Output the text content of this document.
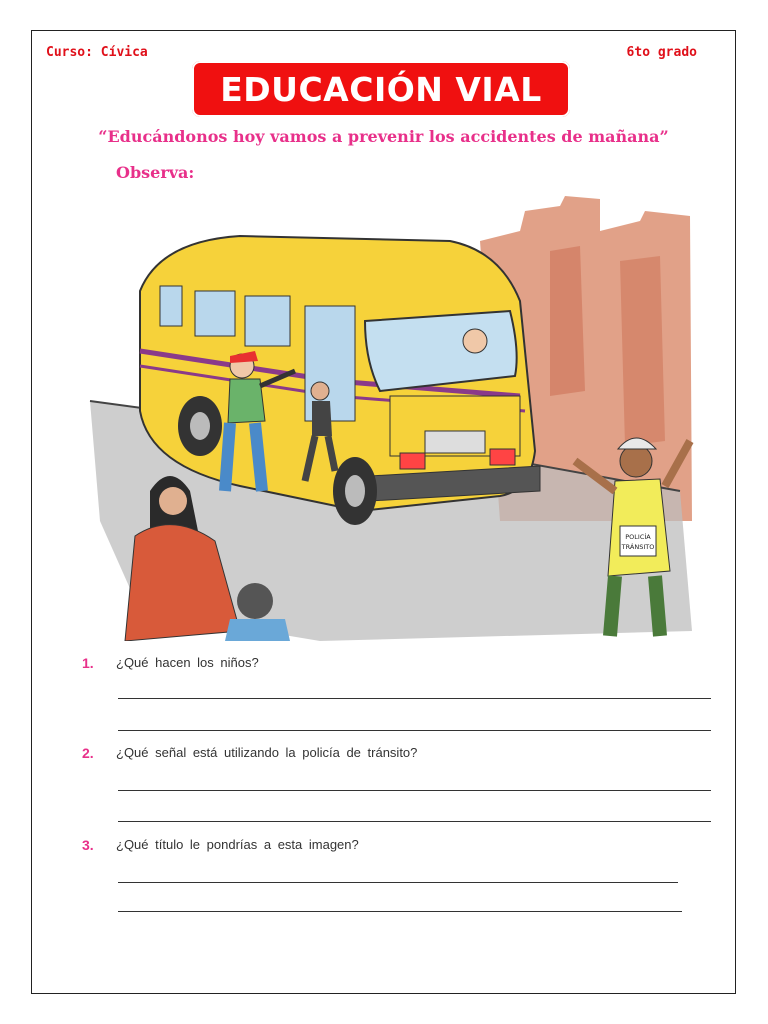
Curso: Cívica	6to grado
EDUCACIÓN VIAL
“Educándonos hoy vamos a prevenir los accidentes de mañana”
Observa:
POLICÍA
TRÁNSITO
1. ¿Qué hacen los niños?
2. ¿Qué señal está utilizando la policía de tránsito?
3. ¿Qué título le pondrías a esta imagen?
